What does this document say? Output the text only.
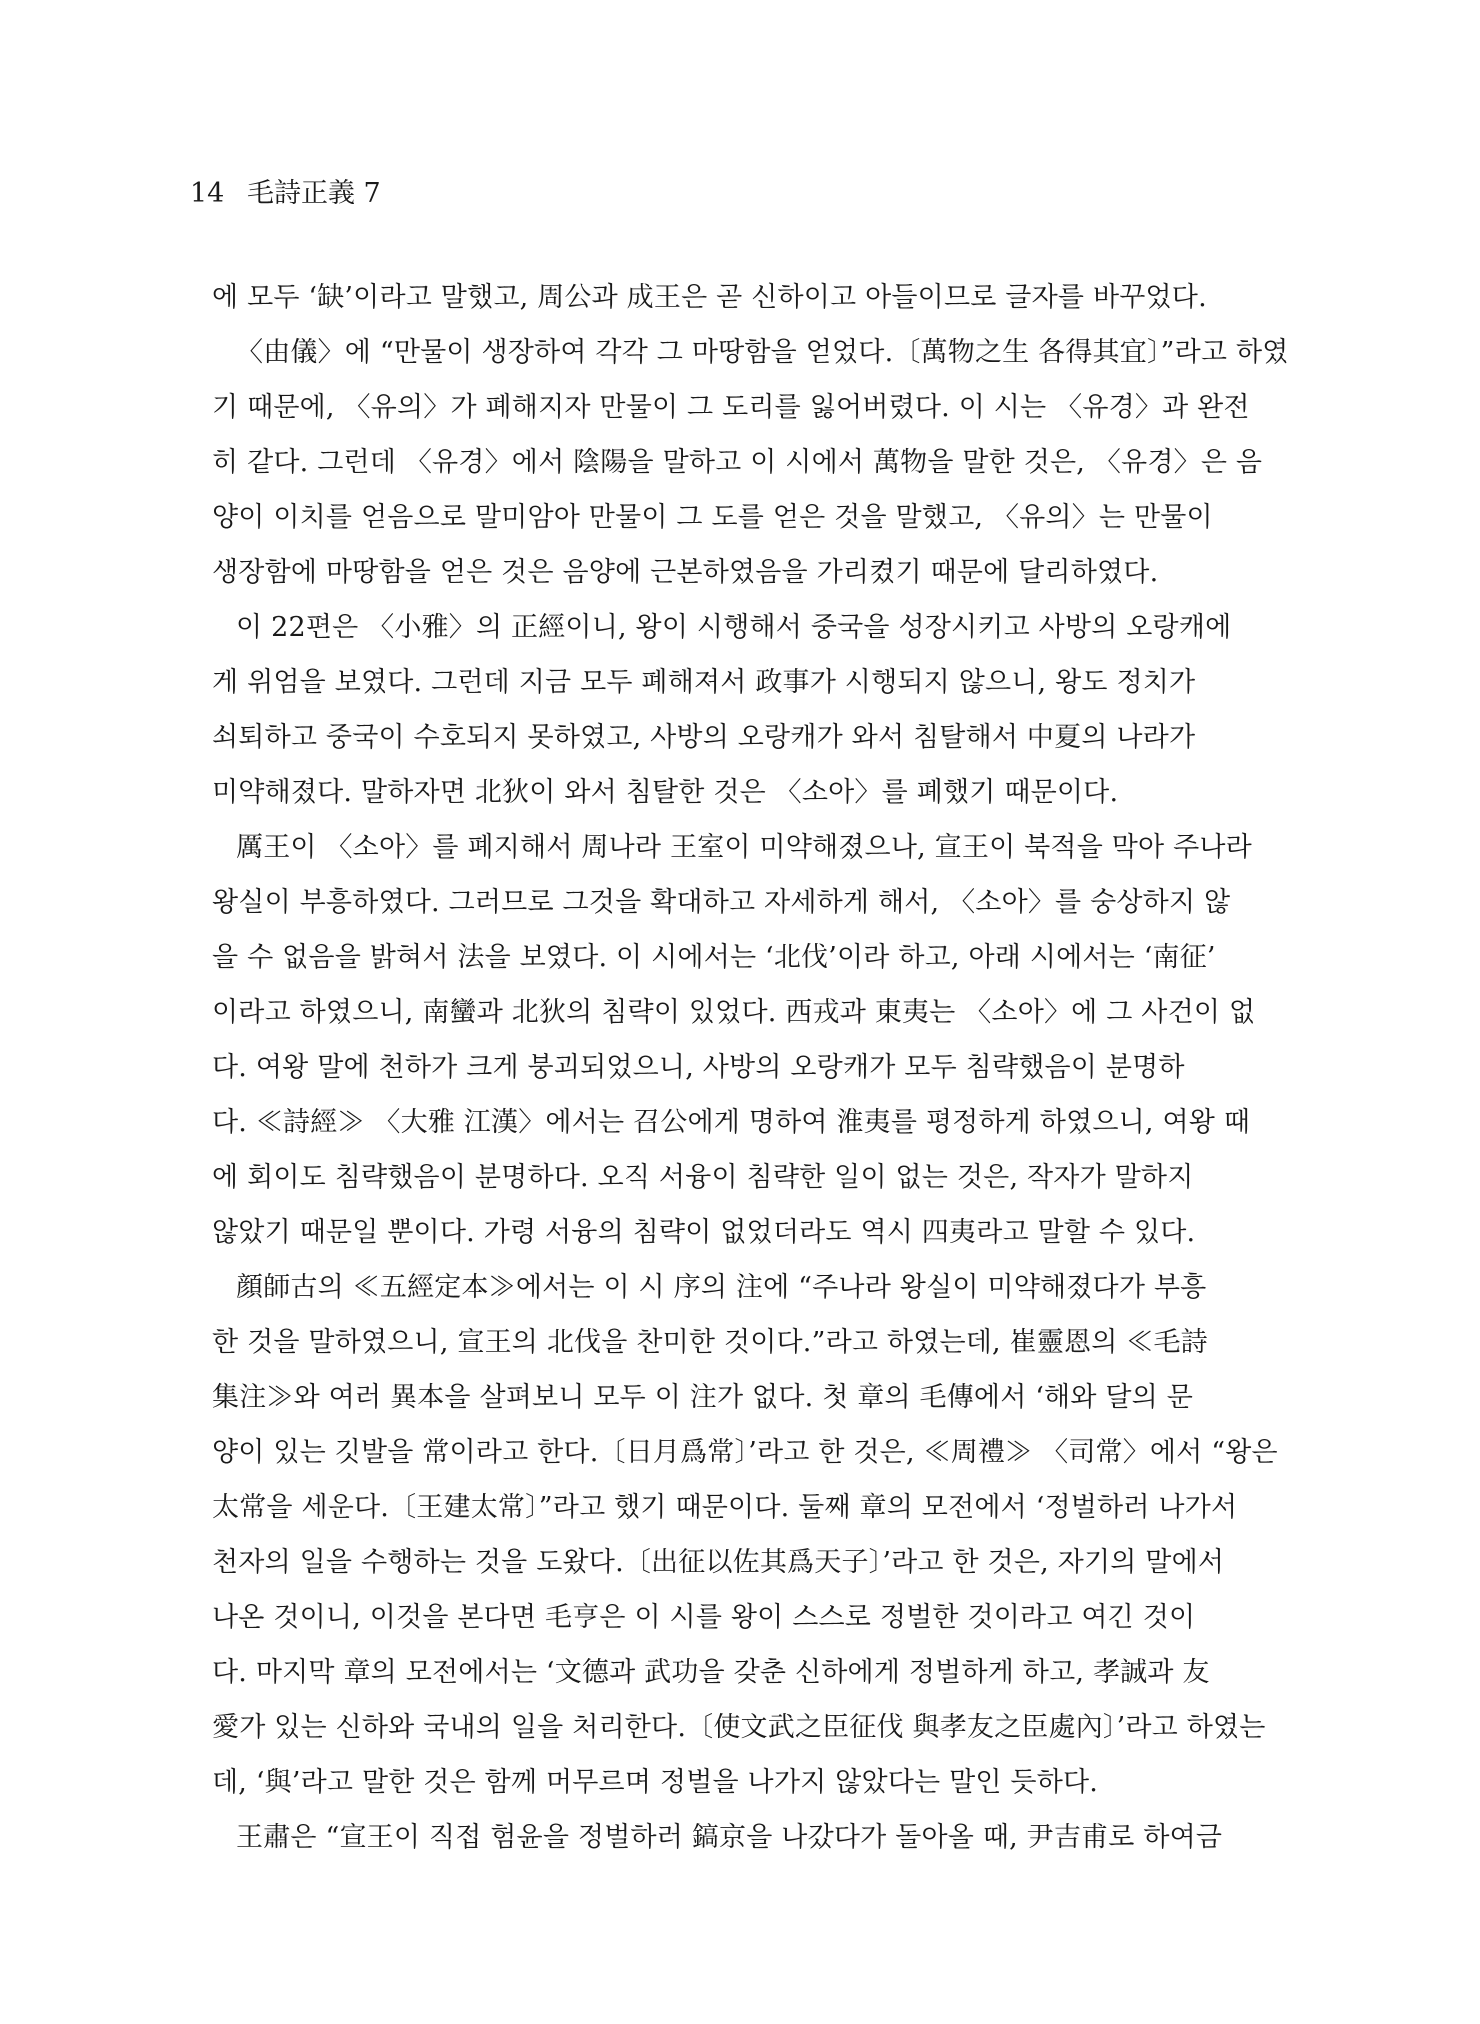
14 毛詩正義 7
에 모두 ‘缺’이라고 말했고, 周公과 成王은 곧 신하이고 아들이므로 글자를 바꾸었다.
〈由儀〉에 “만물이 생장하여 각각 그 마땅함을 얻었다.〔萬物之生 各得其宜〕”라고 하였
기 때문에, 〈유의〉가 폐해지자 만물이 그 도리를 잃어버렸다. 이 시는 〈유경〉과 완전
히 같다. 그런데 〈유경〉에서 陰陽을 말하고 이 시에서 萬物을 말한 것은, 〈유경〉은 음
양이 이치를 얻음으로 말미암아 만물이 그 도를 얻은 것을 말했고, 〈유의〉는 만물이
생장함에 마땅함을 얻은 것은 음양에 근본하였음을 가리켰기 때문에 달리하였다.
이 22편은 〈小雅〉의 正經이니, 왕이 시행해서 중국을 성장시키고 사방의 오랑캐에
게 위엄을 보였다. 그런데 지금 모두 폐해져서 政事가 시행되지 않으니, 왕도 정치가
쇠퇴하고 중국이 수호되지 못하였고, 사방의 오랑캐가 와서 침탈해서 中夏의 나라가
미약해졌다. 말하자면 北狄이 와서 침탈한 것은 〈소아〉를 폐했기 때문이다.
厲王이 〈소아〉를 폐지해서 周나라 王室이 미약해졌으나, 宣王이 북적을 막아 주나라
왕실이 부흥하였다. 그러므로 그것을 확대하고 자세하게 해서, 〈소아〉를 숭상하지 않
을 수 없음을 밝혀서 法을 보였다. 이 시에서는 ‘北伐’이라 하고, 아래 시에서는 ‘南征’
이라고 하였으니, 南蠻과 北狄의 침략이 있었다. 西戎과 東夷는 〈소아〉에 그 사건이 없
다. 여왕 말에 천하가 크게 붕괴되었으니, 사방의 오랑캐가 모두 침략했음이 분명하
다. ≪詩經≫ 〈大雅 江漢〉에서는 召公에게 명하여 淮夷를 평정하게 하였으니, 여왕 때
에 회이도 침략했음이 분명하다. 오직 서융이 침략한 일이 없는 것은, 작자가 말하지
않았기 때문일 뿐이다. 가령 서융의 침략이 없었더라도 역시 四夷라고 말할 수 있다.
顔師古의 ≪五經定本≫에서는 이 시 序의 注에 “주나라 왕실이 미약해졌다가 부흥
한 것을 말하였으니, 宣王의 北伐을 찬미한 것이다.”라고 하였는데, 崔靈恩의 ≪毛詩
集注≫와 여러 異本을 살펴보니 모두 이 注가 없다. 첫 章의 毛傳에서 ‘해와 달의 문
양이 있는 깃발을 常이라고 한다.〔日月爲常〕’라고 한 것은, ≪周禮≫ 〈司常〉에서 “왕은
太常을 세운다.〔王建太常〕”라고 했기 때문이다. 둘째 章의 모전에서 ‘정벌하러 나가서
천자의 일을 수행하는 것을 도왔다.〔出征以佐其爲天子〕’라고 한 것은, 자기의 말에서
나온 것이니, 이것을 본다면 毛亨은 이 시를 왕이 스스로 정벌한 것이라고 여긴 것이
다. 마지막 章의 모전에서는 ‘文德과 武功을 갖춘 신하에게 정벌하게 하고, 孝誠과 友
愛가 있는 신하와 국내의 일을 처리한다.〔使文武之臣征伐 與孝友之臣處內〕’라고 하였는
데, ‘與’라고 말한 것은 함께 머무르며 정벌을 나가지 않았다는 말인 듯하다.
王肅은 “宣王이 직접 험윤을 정벌하러 鎬京을 나갔다가 돌아올 때, 尹吉甫로 하여금
